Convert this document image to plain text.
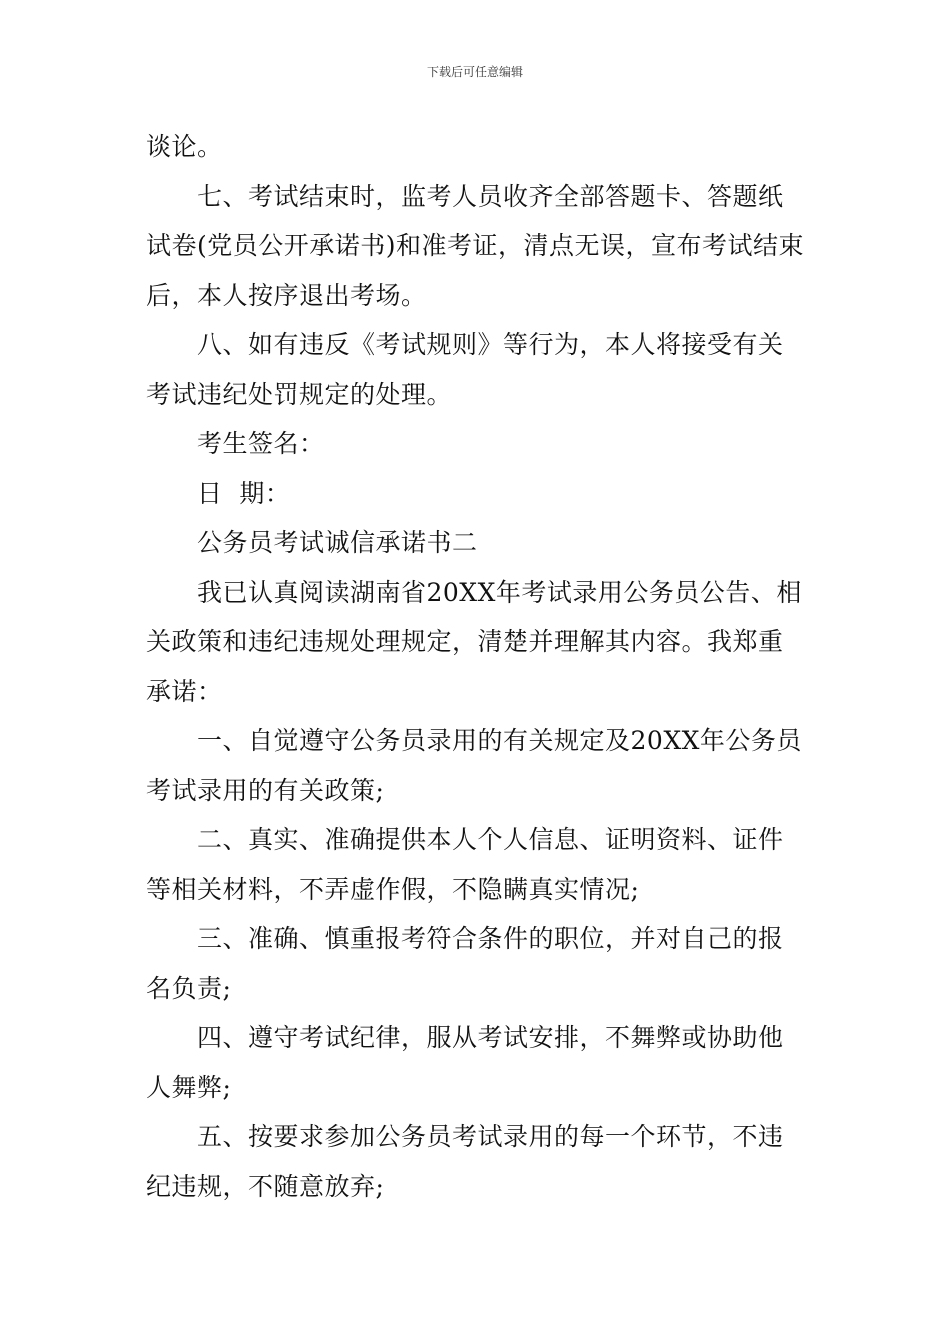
下载后可任意编辑

谈论。

七、考试结束时，监考人员收齐全部答题卡、答题纸试卷(党员公开承诺书)和准考证，清点无误，宣布考试结束后，本人按序退出考场。

八、如有违反《考试规则》等行为，本人将接受有关考试违纪处罚规定的处理。

考生签名：

日  期：

公务员考试诚信承诺书二

我已认真阅读湖南省20XX年考试录用公务员公告、相关政策和违纪违规处理规定，清楚并理解其内容。我郑重承诺：

一、自觉遵守公务员录用的有关规定及20XX年公务员考试录用的有关政策;

二、真实、准确提供本人个人信息、证明资料、证件等相关材料，不弄虚作假，不隐瞒真实情况;

三、准确、慎重报考符合条件的职位，并对自己的报名负责;

四、遵守考试纪律，服从考试安排，不舞弊或协助他人舞弊;

五、按要求参加公务员考试录用的每一个环节，不违纪违规，不随意放弃;
